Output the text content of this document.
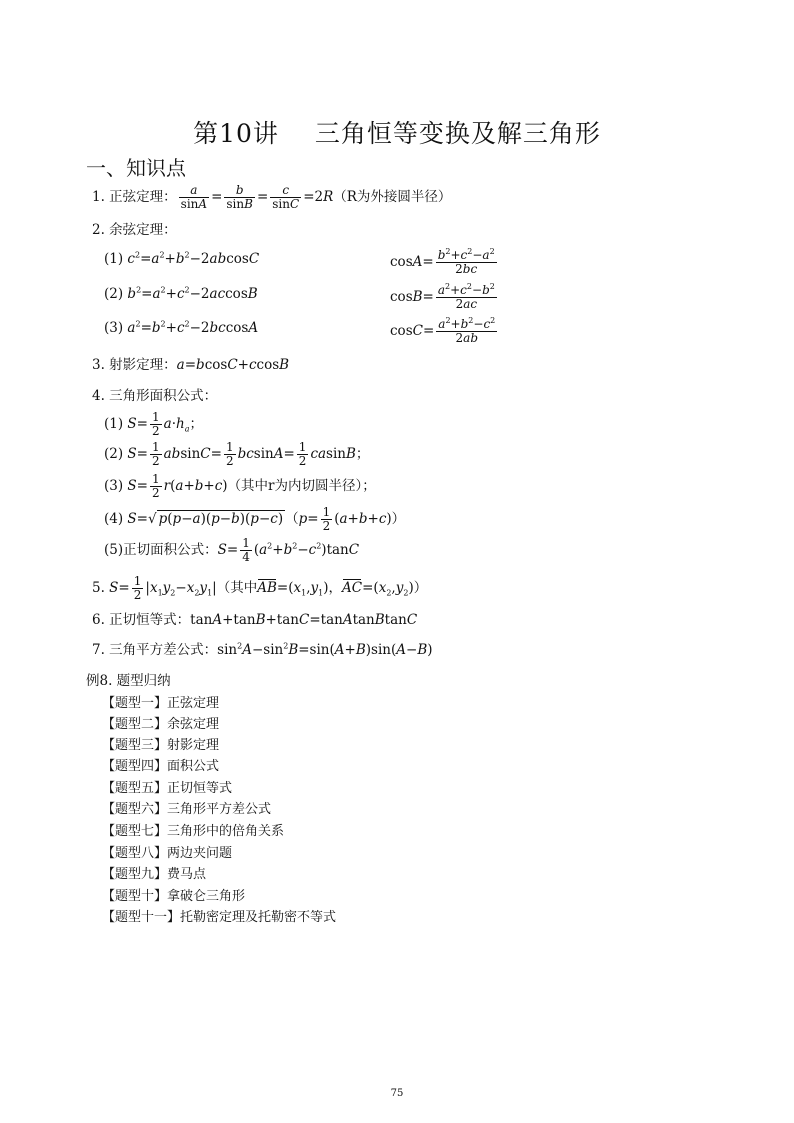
第10讲 三角恒等变换及解三角形
一、知识点
1. 正弦定理： $\frac{a}{\sin A} = \frac{b}{\sin B} = \frac{c}{\sin C} =2R(R$为外接圆半径）
2. 余弦定理：
(1) $c^2=a^2+b^2-2abcosC$	$\cos A= \frac{b^2+c^2-a^2}{2bc}$
(2) $b^2=a^2+c^2-2accosB$	$\cos B= \frac{a^2+c^2-b^2}{2ac}$
(3) $a^2=b^2+c^2-2bccosA$	$\cos C= \frac{a^2+b^2-c^2}{2ab}$
3. 射影定理：a=bcosC+ccosB
4. 三角形面积公式：
(1) $S= \frac{1}{2} a\cdot h_a$；
(2) $S= \frac{1}{2} absinC= \frac{1}{2} bcsinA= \frac{1}{2}$ casinB；
(3) $S= \frac{1}{2} r(a+b+c)$（其中r为内切圆半径）；
(4) S=√ p(p−a)(p−b)(p−c) $(p= \frac{1}{2} (a+b+c))$
(5)正切面积公式：$S= \frac{1}{4} (a^2+b^2-c^2)\tan C$
5. $S= \frac{1}{2} |x_1y_2-x_2y_1|$（其中$AB=(x_1,y_1)$，$AC=(x_2,y_2)$）
6. 正切恒等式：tanA+tanB+tanC=tanAtanBtanC
7. 三角平方差公式：$\sin^2A-\sin^2B=\sin(A+B)\sin(A-B)$
例8. 题型归纳
【题型一】正弦定理
【题型二】余弦定理
【题型三】射影定理
【题型四】面积公式
【题型五】正切恒等式
【题型六】三角形平方差公式
【题型七】三角形中的倍角关系
【题型八】两边夹问题
【题型九】费马点
【题型十】拿破仑三角形
【题型十一】托勒密定理及托勒密不等式
75
